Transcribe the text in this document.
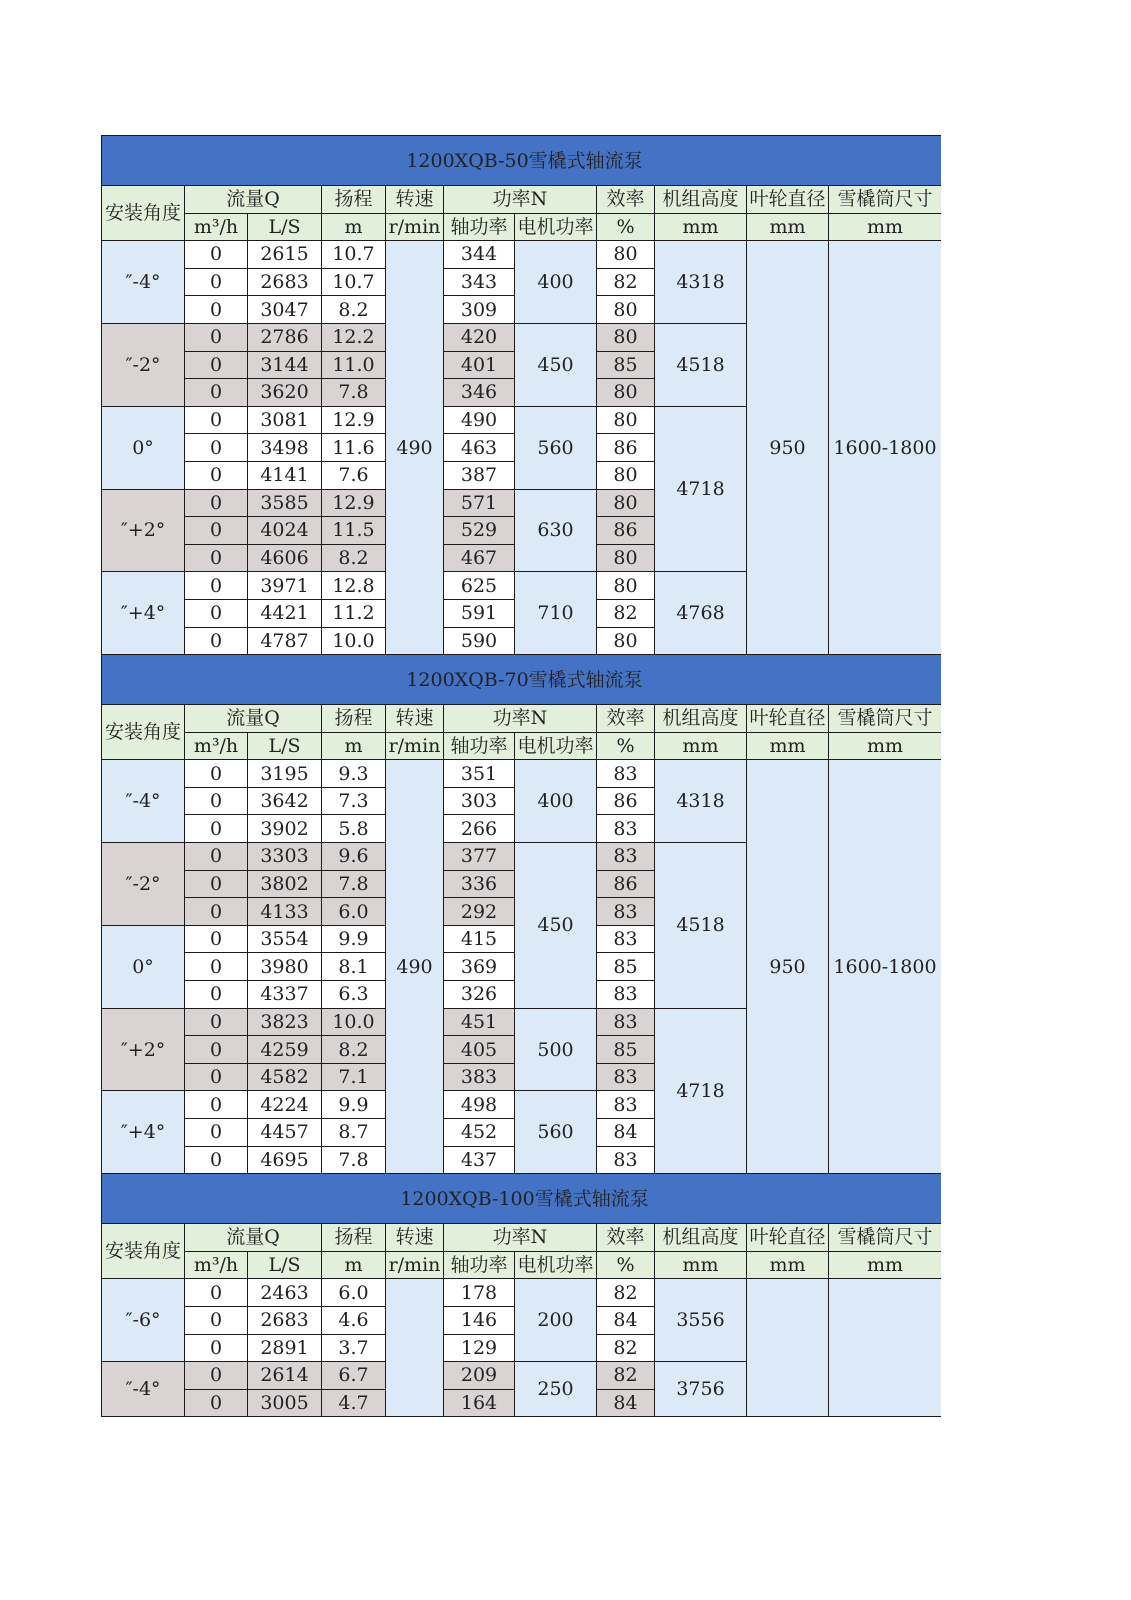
1200XQB-50雪橇式轴流泵										
安装角度	流量Q		扬程	转速	功率N		效率	机组高度	叶轮直径	雪橇筒尺寸
	m³/h	L/S	m	r/min	轴功率	电机功率	%	mm	mm	mm
″-4°	0	2615	10.7	490	344	400	80	4318	950	1600-1800
	0	2683	10.7		343		82			
	0	3047	8.2		309		80			
″-2°	0	2786	12.2		420	450	80	4518		
	0	3144	11.0		401		85			
	0	3620	7.8		346		80			
0°	0	3081	12.9		490	560	80	4718		
	0	3498	11.6		463		86			
	0	4141	7.6		387		80			
″+2°	0	3585	12.9		571	630	80			
	0	4024	11.5		529		86			
	0	4606	8.2		467		80			
″+4°	0	3971	12.8		625	710	80	4768		
	0	4421	11.2		591		82			
	0	4787	10.0		590		80			
1200XQB-70雪橇式轴流泵										
安装角度	流量Q		扬程	转速	功率N		效率	机组高度	叶轮直径	雪橇筒尺寸
	m³/h	L/S	m	r/min	轴功率	电机功率	%	mm	mm	mm
″-4°	0	3195	9.3	490	351	400	83	4318	950	1600-1800
	0	3642	7.3		303		86			
	0	3902	5.8		266		83			
″-2°	0	3303	9.6		377	450	83	4518		
	0	3802	7.8		336		86			
	0	4133	6.0		292		83			
0°	0	3554	9.9		415		83			
	0	3980	8.1		369		85			
	0	4337	6.3		326		83			
″+2°	0	3823	10.0		451	500	83	4718		
	0	4259	8.2		405		85			
	0	4582	7.1		383		83			
″+4°	0	4224	9.9		498	560	83			
	0	4457	8.7		452		84			
	0	4695	7.8		437		83			
1200XQB-100雪橇式轴流泵										
安装角度	流量Q		扬程	转速	功率N		效率	机组高度	叶轮直径	雪橇筒尺寸
	m³/h	L/S	m	r/min	轴功率	电机功率	%	mm	mm	mm
″-6°	0	2463	6.0		178	200	82	3556		
	0	2683	4.6		146		84			
	0	2891	3.7		129		82			
″-4°	0	2614	6.7		209	250	82	3756		
	0	3005	4.7		164		84			
